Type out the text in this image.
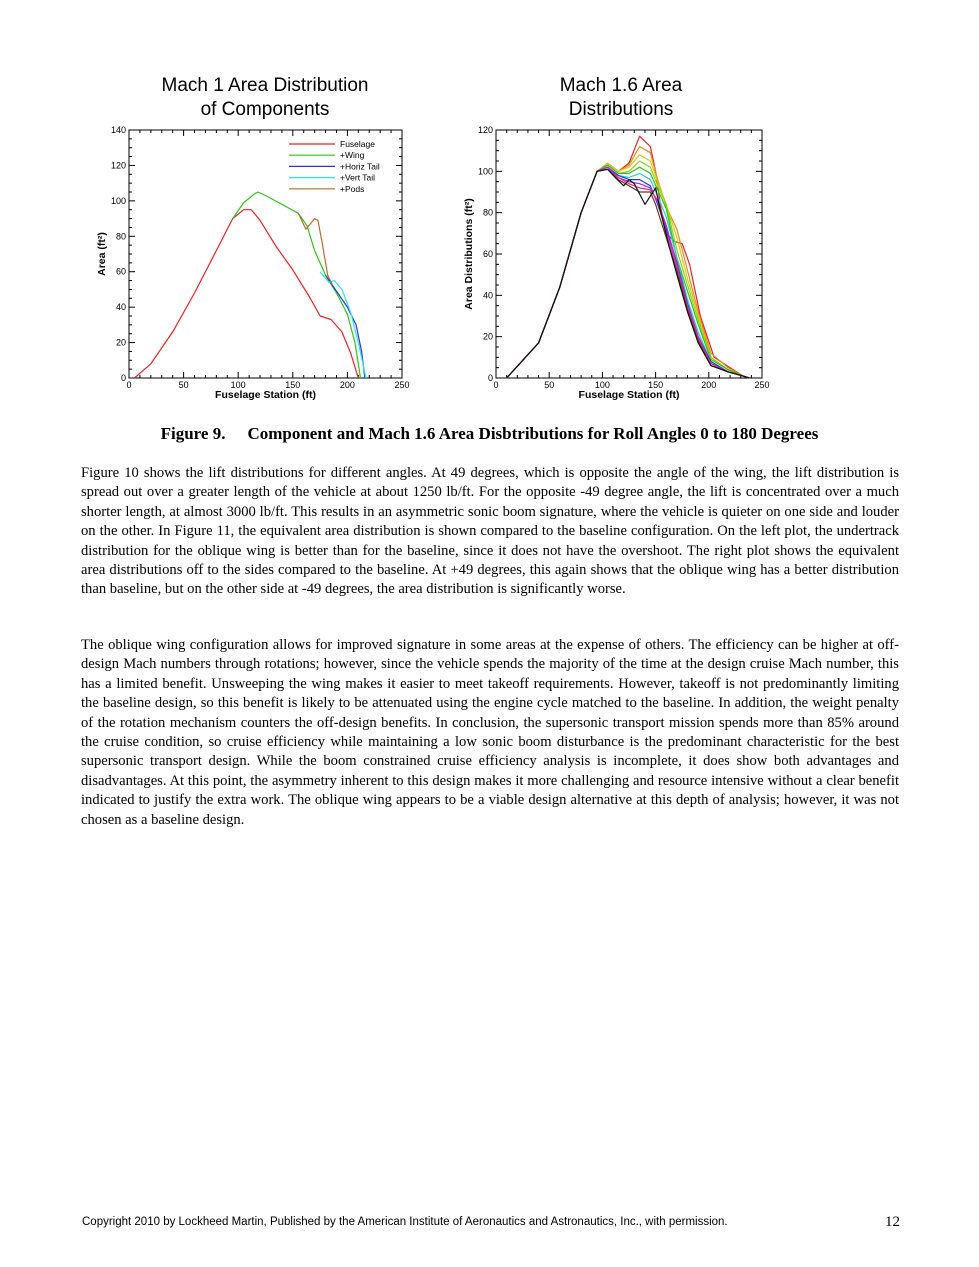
Mach 1 Area Distribution
of Components
Mach 1.6 Area
Distributions
0	50	100	150	200	250
0
20
40
60
80
100
120
140
Fuselage Station (ft)
Area (ft²)
Fuselage
+Wing
+Horiz Tail
+Vert Tail
+Pods
0	50	100	150	200	250
0
20
40
60
80
100
120
Fuselage Station (ft)
Area Distributions (ft²)
Figure 9. Component and Mach 1.6 Area Disbtributions for Roll Angles 0 to 180 Degrees

Figure 10 shows the lift distributions for different angles. At 49 degrees, which is opposite the angle of the wing, the lift distribution is spread out over a greater length of the vehicle at about 1250 lb/ft. For the opposite -49 degree angle, the lift is concentrated over a much shorter length, at almost 3000 lb/ft. This results in an asymmetric sonic boom signature, where the vehicle is quieter on one side and louder on the other. In Figure 11, the equivalent area distribution is shown compared to the baseline configuration. On the left plot, the undertrack distribution for the oblique wing is better than for the baseline, since it does not have the overshoot. The right plot shows the equivalent area distributions off to the sides compared to the baseline. At +49 degrees, this again shows that the oblique wing has a better distribution than baseline, but on the other side at -49 degrees, the area distribution is significantly worse.

The oblique wing configuration allows for improved signature in some areas at the expense of others. The efficiency can be higher at off-design Mach numbers through rotations; however, since the vehicle spends the majority of the time at the design cruise Mach number, this has a limited benefit. Unsweeping the wing makes it easier to meet takeoff requirements. However, takeoff is not predominantly limiting the baseline design, so this benefit is likely to be attenuated using the engine cycle matched to the baseline. In addition, the weight penalty of the rotation mechanism counters the off-design benefits. In conclusion, the supersonic transport mission spends more than 85% around the cruise condition, so cruise efficiency while maintaining a low sonic boom disturbance is the predominant characteristic for the best supersonic transport design. While the boom constrained cruise efficiency analysis is incomplete, it does show both advantages and disadvantages. At this point, the asymmetry inherent to this design makes it more challenging and resource intensive without a clear benefit indicated to justify the extra work. The oblique wing appears to be a viable design alternative at this depth of analysis; however, it was not chosen as a baseline design.

Copyright 2010 by Lockheed Martin, Published by the American Institute of Aeronautics and Astronautics, Inc., with permission.	12
